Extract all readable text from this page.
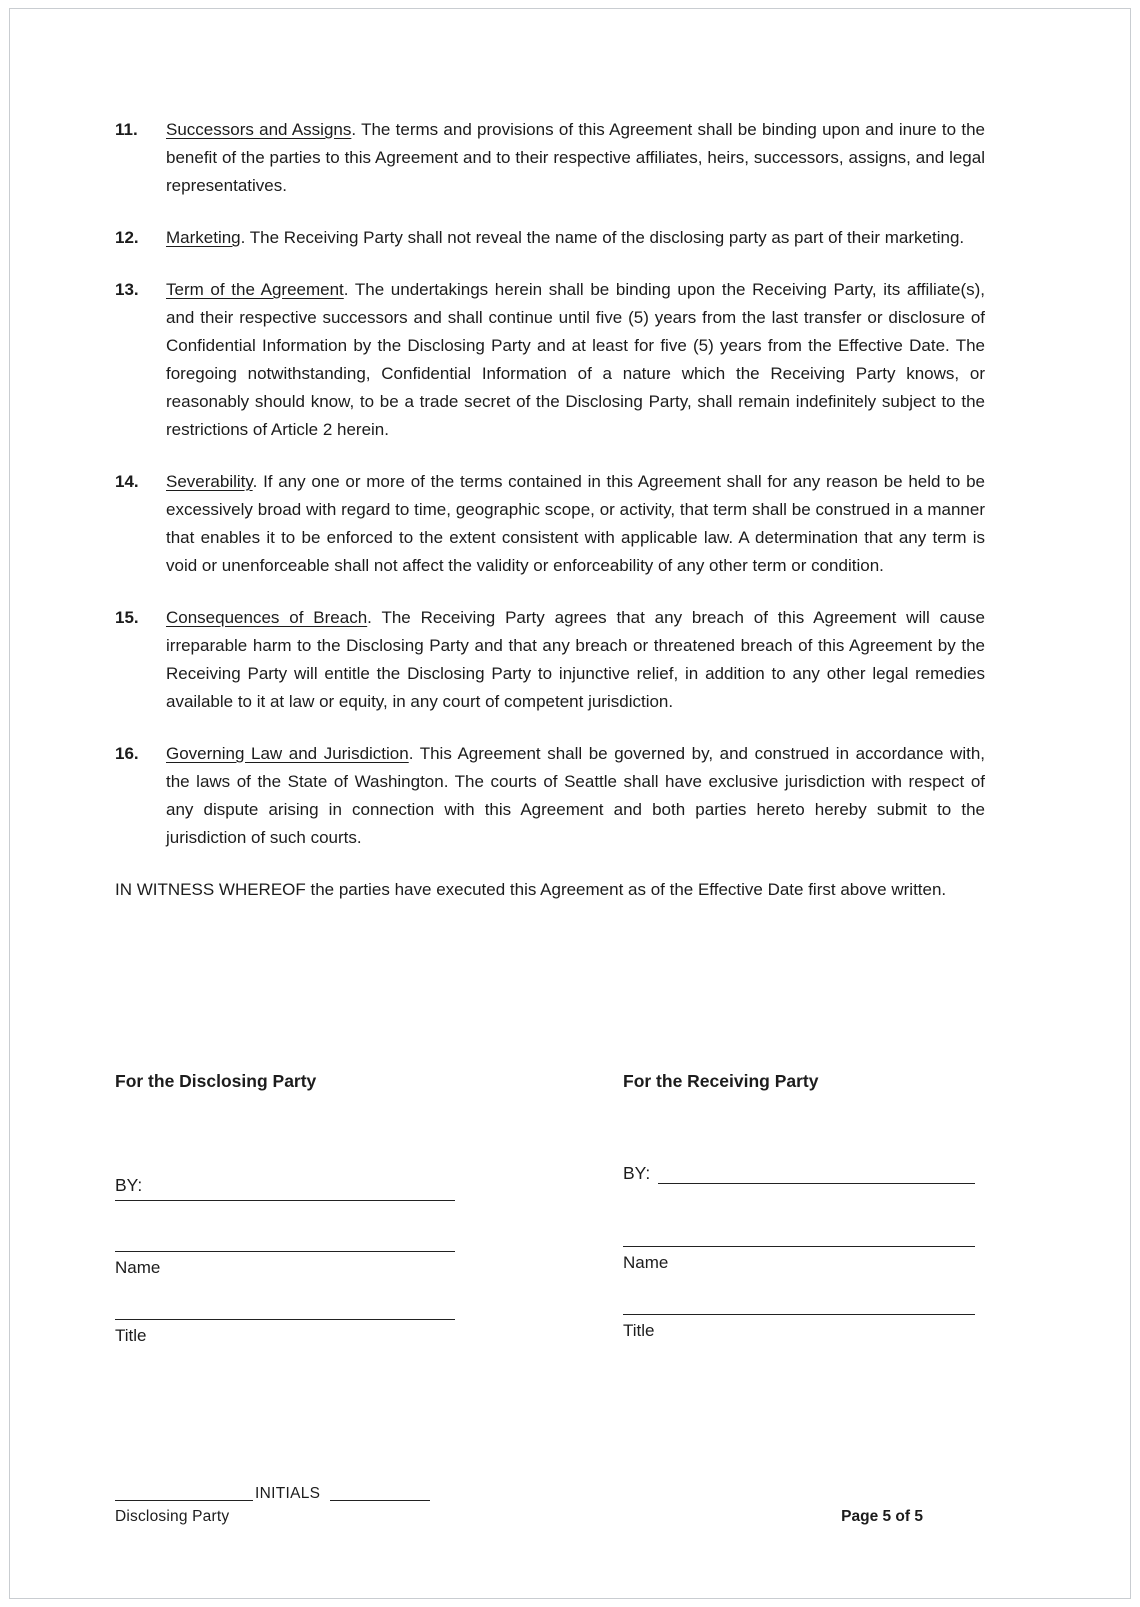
11.	Successors and Assigns. The terms and provisions of this Agreement shall be binding upon and inure to the benefit of the parties to this Agreement and to their respective affiliates, heirs, successors, assigns, and legal representatives.

12.	Marketing. The Receiving Party shall not reveal the name of the disclosing party as part of their marketing.

13.	Term of the Agreement. The undertakings herein shall be binding upon the Receiving Party, its affiliate(s), and their respective successors and shall continue until five (5) years from the last transfer or disclosure of Confidential Information by the Disclosing Party and at least for five (5) years from the Effective Date. The foregoing notwithstanding, Confidential Information of a nature which the Receiving Party knows, or reasonably should know, to be a trade secret of the Disclosing Party, shall remain indefinitely subject to the restrictions of Article 2 herein.

14.	Severability. If any one or more of the terms contained in this Agreement shall for any reason be held to be excessively broad with regard to time, geographic scope, or activity, that term shall be construed in a manner that enables it to be enforced to the extent consistent with applicable law. A determination that any term is void or unenforceable shall not affect the validity or enforceability of any other term or condition.

15.	Consequences of Breach. The Receiving Party agrees that any breach of this Agreement will cause irreparable harm to the Disclosing Party and that any breach or threatened breach of this Agreement by the Receiving Party will entitle the Disclosing Party to injunctive relief, in addition to any other legal remedies available to it at law or equity, in any court of competent jurisdiction.

16.	Governing Law and Jurisdiction. This Agreement shall be governed by, and construed in accordance with, the laws of the State of Washington. The courts of Seattle shall have exclusive jurisdiction with respect of any dispute arising in connection with this Agreement and both parties hereto hereby submit to the jurisdiction of such courts.

IN WITNESS WHEREOF the parties have executed this Agreement as of the Effective Date first above written.

For the Disclosing Party
BY:
Name
Title
For the Receiving Party
BY:
Name
Title
INITIALS
Disclosing Party	Page 5 of 5
